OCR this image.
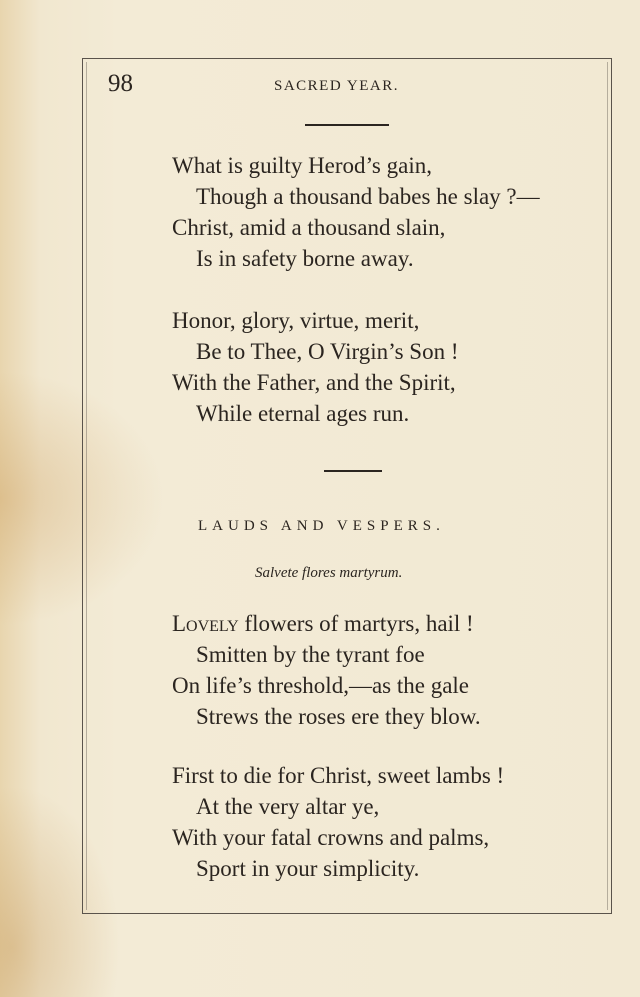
98	SACRED YEAR.
What is guilty Herod’s gain,
Though a thousand babes he slay ?—
Christ, amid a thousand slain,
Is in safety borne away.
Honor, glory, virtue, merit,
Be to Thee, O Virgin’s Son !
With the Father, and the Spirit,
While eternal ages run.
LAUDS AND VESPERS.
Salvete flores martyrum.
Lovely flowers of martyrs, hail !
Smitten by the tyrant foe
On life’s threshold,—as the gale
Strews the roses ere they blow.
First to die for Christ, sweet lambs !
At the very altar ye,
With your fatal crowns and palms,
Sport in your simplicity.
